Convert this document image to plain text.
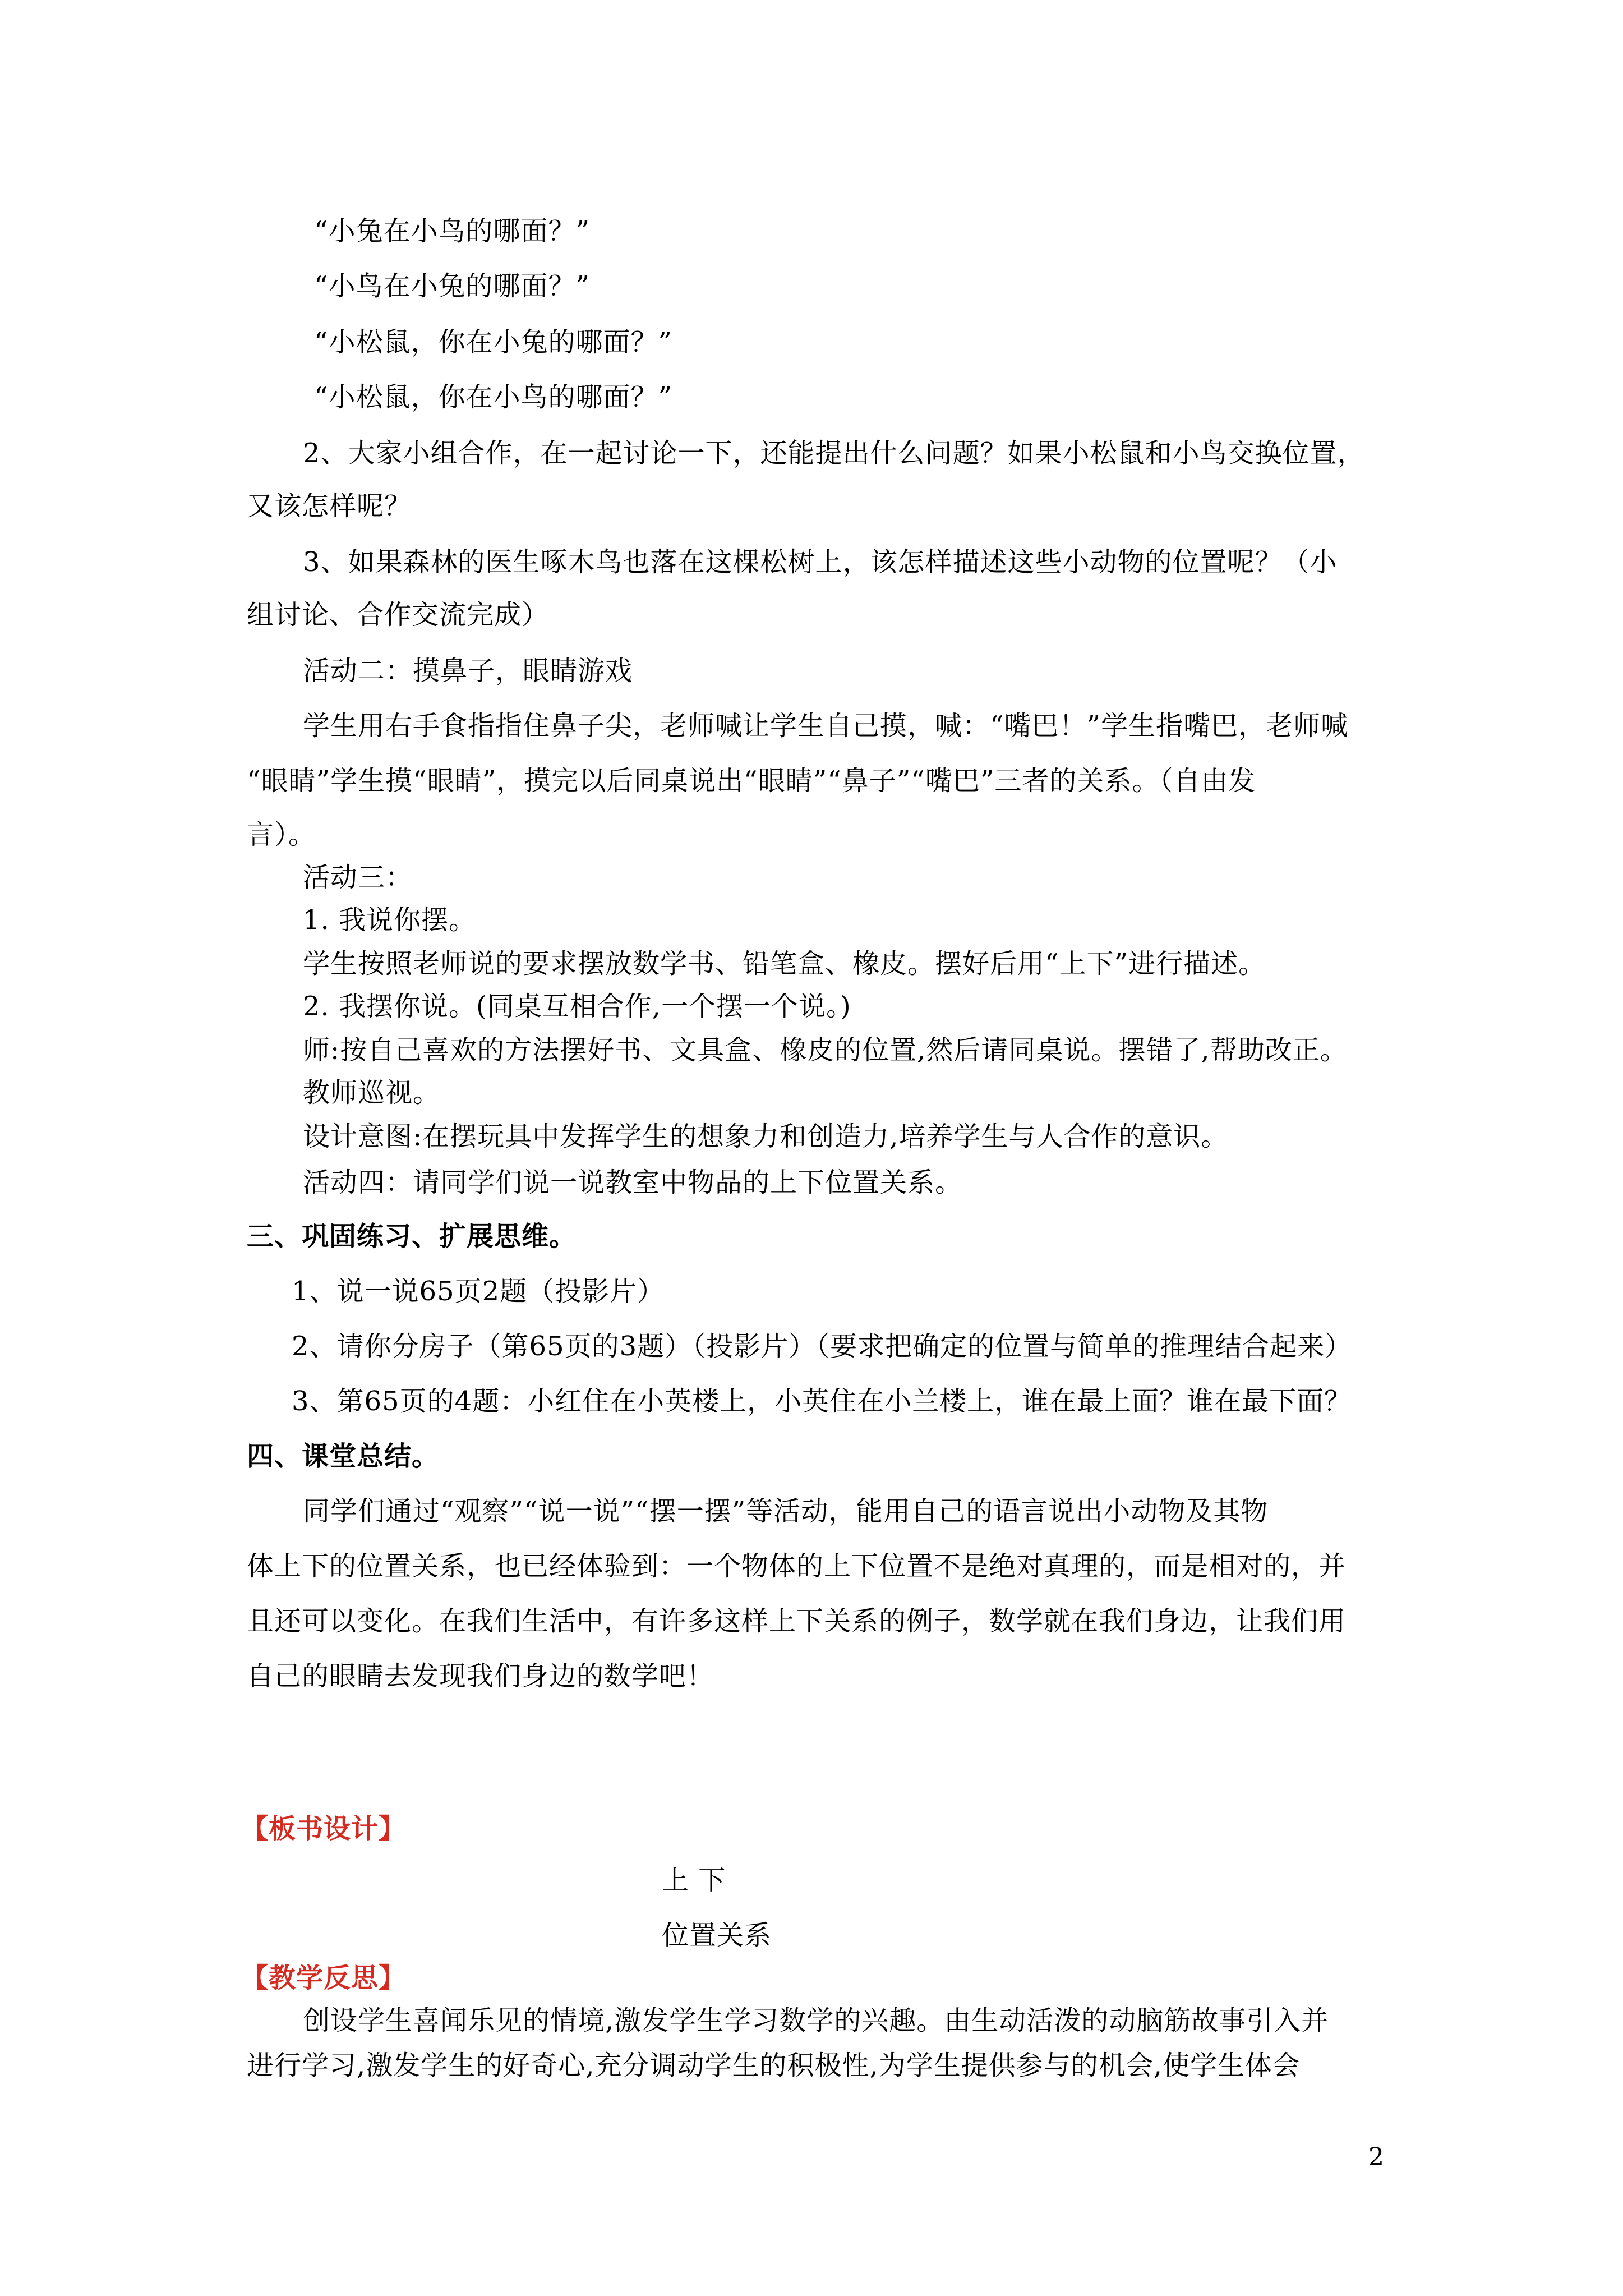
“小兔在小鸟的哪面？”
“小鸟在小兔的哪面？”
“小松鼠，你在小兔的哪面？”
“小松鼠，你在小鸟的哪面？”
2、大家小组合作，在一起讨论一下，还能提出什么问题？如果小松鼠和小鸟交换位置，
又该怎样呢？
3、如果森林的医生啄木鸟也落在这棵松树上，该怎样描述这些小动物的位置呢？（小
组讨论、合作交流完成）
活动二：摸鼻子，眼睛游戏
学生用右手食指指住鼻子尖，老师喊让学生自己摸，喊：“嘴巴！”学生指嘴巴，老师喊
“眼睛”学生摸“眼睛”，摸完以后同桌说出“眼睛”“鼻子”“嘴巴”三者的关系。（自由发
言）。
活动三：
1. 我说你摆。
学生按照老师说的要求摆放数学书、铅笔盒、橡皮。摆好后用“上下”进行描述。
2. 我摆你说。(同桌互相合作,一个摆一个说。)
师:按自己喜欢的方法摆好书、文具盒、橡皮的位置,然后请同桌说。摆错了,帮助改正。
教师巡视。
设计意图:在摆玩具中发挥学生的想象力和创造力,培养学生与人合作的意识。
活动四：请同学们说一说教室中物品的上下位置关系。
三、巩固练习、扩展思维。
1、说一说65页2题（投影片）
2、请你分房子（第65页的3题）（投影片）（要求把确定的位置与简单的推理结合起来）
3、第65页的4题：小红住在小英楼上，小英住在小兰楼上，谁在最上面？谁在最下面？
四、课堂总结。
同学们通过“观察”“说一说”“摆一摆”等活动，能用自己的语言说出小动物及其物
体上下的位置关系，也已经体验到：一个物体的上下位置不是绝对真理的，而是相对的，并
且还可以变化。在我们生活中，有许多这样上下关系的例子，数学就在我们身边，让我们用
自己的眼睛去发现我们身边的数学吧！
【板书设计】
上 下
位置关系
【教学反思】
创设学生喜闻乐见的情境,激发学生学习数学的兴趣。由生动活泼的动脑筋故事引入并
进行学习,激发学生的好奇心,充分调动学生的积极性,为学生提供参与的机会,使学生体会
2
